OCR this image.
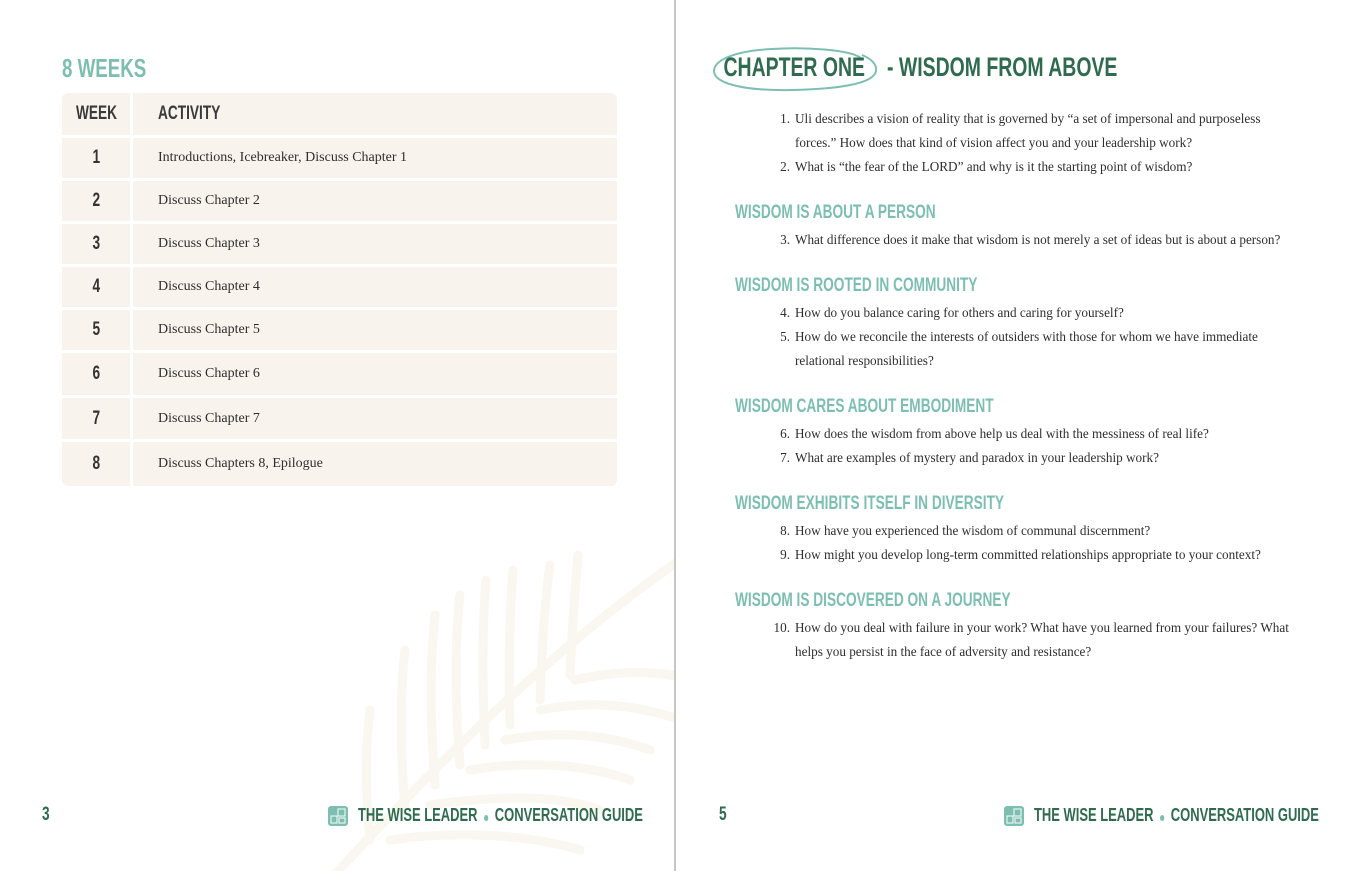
8 WEEKS
WEEK ACTIVITY
1	Introductions, Icebreaker, Discuss Chapter 1
2	Discuss Chapter 2
3	Discuss Chapter 3
4	Discuss Chapter 4
5	Discuss Chapter 5
6	Discuss Chapter 6
7	Discuss Chapter 7
8	Discuss Chapters 8, Epilogue
3	THE WISE LEADER CONVERSATION GUIDE
CHAPTER ONE - WISDOM FROM ABOVE
1. Uli describes a vision of reality that is governed by “a set of impersonal and purposeless forces.” How does that kind of vision affect you and your leadership work?
2. What is “the fear of the LORD” and why is it the starting point of wisdom?
WISDOM IS ABOUT A PERSON
3. What difference does it make that wisdom is not merely a set of ideas but is about a person?
WISDOM IS ROOTED IN COMMUNITY
4. How do you balance caring for others and caring for yourself?
5. How do we reconcile the interests of outsiders with those for whom we have immediate relational responsibilities?
WISDOM CARES ABOUT EMBODIMENT
6. How does the wisdom from above help us deal with the messiness of real life?
7. What are examples of mystery and paradox in your leadership work?
WISDOM EXHIBITS ITSELF IN DIVERSITY
8. How have you experienced the wisdom of communal discernment?
9. How might you develop long-term committed relationships appropriate to your context?
WISDOM IS DISCOVERED ON A JOURNEY
10. How do you deal with failure in your work? What have you learned from your failures? What helps you persist in the face of adversity and resistance?
5	THE WISE LEADER CONVERSATION GUIDE
